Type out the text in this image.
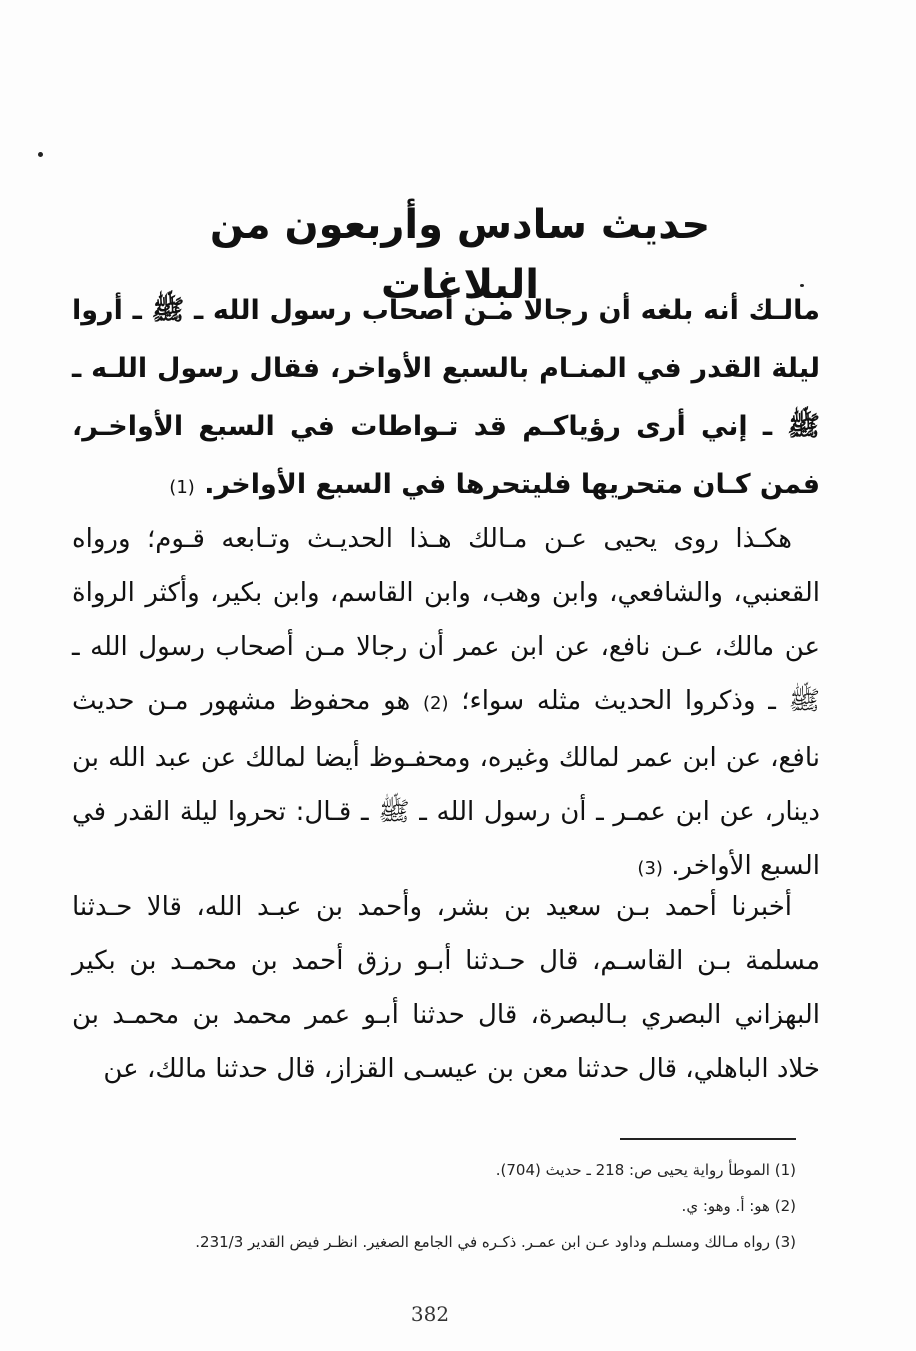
حديث سادس وأربعون من البلاغات

مالـك أنه بلغه أن رجالا مـن أصحاب رسول الله ـ ﷺ ـ أروا ليلة القدر في المنـام بالسبع الأواخر، فقال رسول اللـه ـ ﷺ ـ إني أرى رؤياكـم قد تـواطات في السبع الأواخـر، فمن كـان متحريها فليتحرها في السبع الأواخر. (1)

هكـذا روى يحيى عـن مـالك هـذا الحديـث وتـابعه قـوم؛ ورواه القعنبي، والشافعي، وابن وهب، وابن القاسم، وابن بكير، وأكثر الرواة عن مالك، عـن نافع، عن ابن عمر أن رجالا مـن أصحاب رسول الله ـ ﷺ ـ وذكروا الحديث مثله سواء؛ (2) هو محفوظ مشهور مـن حديث نافع، عن ابن عمر لمالك وغيره، ومحفـوظ أيضا لمالك عن عبد الله بن دينار، عن ابن عمـر ـ أن رسول الله ـ ﷺ ـ قـال: تحروا ليلة القدر في السبع الأواخر. (3)

أخبرنا أحمد بـن سعيد بن بشر، وأحمد بن عبـد الله، قالا حـدثنا مسلمة بـن القاسـم، قال حـدثنا أبـو رزق أحمد بن محمـد بن بكير البهزاني البصري بـالبصرة، قال حدثنا أبـو عمر محمد بن محمـد بن خلاد الباهلي، قال حدثنا معن بن عيسـى القزاز، قال حدثنا مالك، عن

(1) الموطأ رواية يحيى ص: 218 ـ حديث (704).
(2) هو: أ. وهو: ي.
(3) رواه مـالك ومسلـم وداود عـن ابن عمـر. ذكـره في الجامع الصغير. انظـر فيض القدير 231/3.
382
